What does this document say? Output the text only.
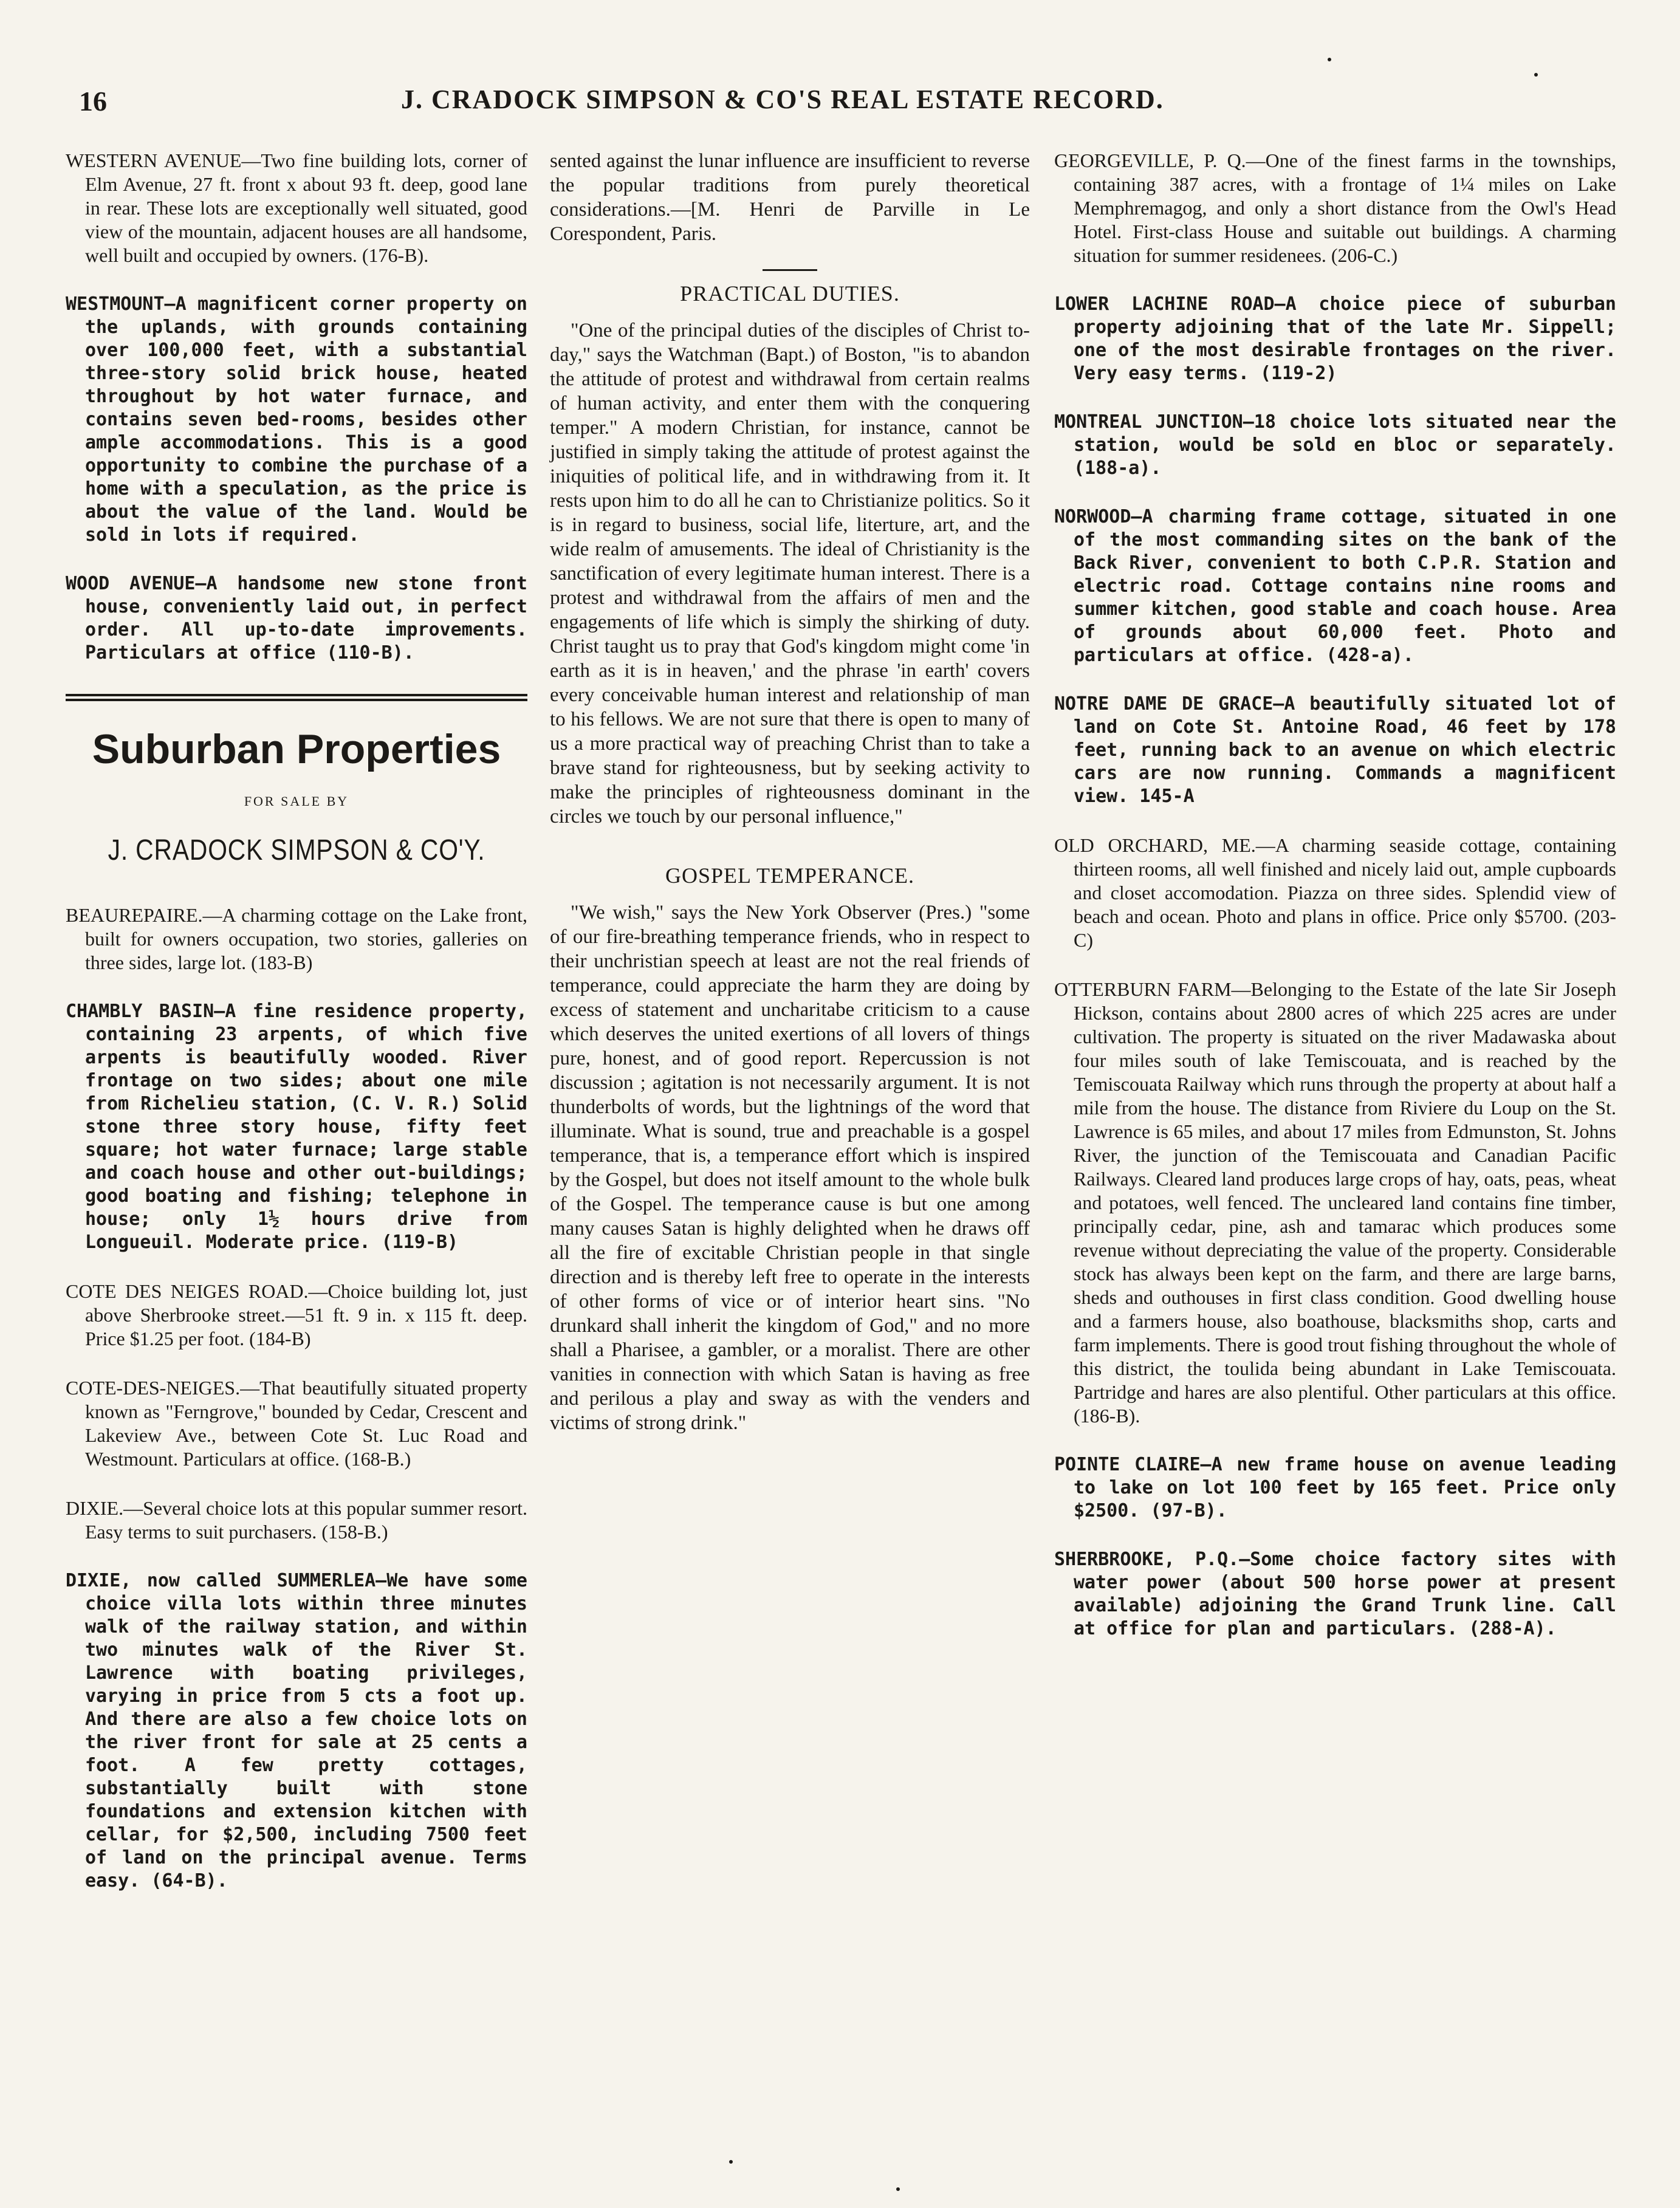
16	J. CRADOCK SIMPSON & CO'S REAL ESTATE RECORD.

WESTERN AVENUE—Two fine building lots, corner of Elm Avenue, 27 ft. front x about 93 ft. deep, good lane in rear. These lots are exceptionally well situated, good view of the mountain, adjacent houses are all handsome, well built and occupied by owners. (176-B).

WESTMOUNT—A magnificent corner property on the uplands, with grounds containing over 100,000 feet, with a substantial three-story solid brick house, heated throughout by hot water furnace, and contains seven bed-rooms, besides other ample accommodations. This is a good opportunity to combine the purchase of a home with a speculation, as the price is about the value of the land. Would be sold in lots if required.

WOOD AVENUE—A handsome new stone front house, conveniently laid out, in perfect order. All up-to-date improvements. Particulars at office (110-B).

Suburban Properties
FOR SALE BY
J. CRADOCK SIMPSON & CO'Y.

BEAUREPAIRE.—A charming cottage on the Lake front, built for owners occupation, two stories, galleries on three sides, large lot. (183-B)

CHAMBLY BASIN—A fine residence property, containing 23 arpents, of which five arpents is beautifully wooded. River frontage on two sides; about one mile from Richelieu station, (C. V. R.) Solid stone three story house, fifty feet square; hot water furnace; large stable and coach house and other out-buildings; good boating and fishing; telephone in house; only 1½ hours drive from Longueuil. Moderate price. (119-B)

COTE DES NEIGES ROAD.—Choice building lot, just above Sherbrooke street.—51 ft. 9 in. x 115 ft. deep. Price $1.25 per foot. (184-B)

COTE-DES-NEIGES.—That beautifully situated property known as "Ferngrove," bounded by Cedar, Crescent and Lakeview Ave., between Cote St. Luc Road and Westmount. Particulars at office. (168-B.)

DIXIE.—Several choice lots at this popular summer resort. Easy terms to suit purchasers. (158-B.)

DIXIE, now called SUMMERLEA—We have some choice villa lots within three minutes walk of the railway station, and within two minutes walk of the River St. Lawrence with boating privileges, varying in price from 5 cts a foot up. And there are also a few choice lots on the river front for sale at 25 cents a foot. A few pretty cottages, substantially built with stone foundations and extension kitchen with cellar, for $2,500, including 7500 feet of land on the principal avenue. Terms easy. (64-B).

sented against the lunar influence are insufficient to reverse the popular traditions from purely theoretical considerations.—[M. Henri de Parville in Le Corespondent, Paris.

PRACTICAL DUTIES.

"One of the principal duties of the disciples of Christ to-day," says the Watchman (Bapt.) of Boston, "is to abandon the attitude of protest and withdrawal from certain realms of human activity, and enter them with the conquering temper." A modern Christian, for instance, cannot be justified in simply taking the attitude of protest against the iniquities of political life, and in withdrawing from it. It rests upon him to do all he can to Christianize politics. So it is in regard to business, social life, literture, art, and the wide realm of amusements. The ideal of Christianity is the sanctification of every legitimate human interest. There is a protest and withdrawal from the affairs of men and the engagements of life which is simply the shirking of duty. Christ taught us to pray that God's kingdom might come 'in earth as it is in heaven,' and the phrase 'in earth' covers every conceivable human interest and relationship of man to his fellows. We are not sure that there is open to many of us a more practical way of preaching Christ than to take a brave stand for righteousness, but by seeking activity to make the principles of righteousness dominant in the circles we touch by our personal influence,"

GOSPEL TEMPERANCE.

"We wish," says the New York Observer (Pres.) "some of our fire-breathing temperance friends, who in respect to their unchristian speech at least are not the real friends of temperance, could appreciate the harm they are doing by excess of statement and uncharitabe criticism to a cause which deserves the united exertions of all lovers of things pure, honest, and of good report. Repercussion is not discussion ; agitation is not necessarily argument. It is not thunderbolts of words, but the lightnings of the word that illuminate. What is sound, true and preachable is a gospel temperance, that is, a temperance effort which is inspired by the Gospel, but does not itself amount to the whole bulk of the Gospel. The temperance cause is but one among many causes Satan is highly delighted when he draws off all the fire of excitable Christian people in that single direction and is thereby left free to operate in the interests of other forms of vice or of interior heart sins. "No drunkard shall inherit the kingdom of God," and no more shall a Pharisee, a gambler, or a moralist. There are other vanities in connection with which Satan is having as free and perilous a play and sway as with the venders and victims of strong drink."

GEORGEVILLE, P. Q.—One of the finest farms in the townships, containing 387 acres, with a frontage of 1¼ miles on Lake Memphremagog, and only a short distance from the Owl's Head Hotel. First-class House and suitable out buildings. A charming situation for summer residenees. (206-C.)

LOWER LACHINE ROAD—A choice piece of suburban property adjoining that of the late Mr. Sippell; one of the most desirable frontages on the river. Very easy terms. (119-2)

MONTREAL JUNCTION—18 choice lots situated near the station, would be sold en bloc or separately. (188-a).

NORWOOD—A charming frame cottage, situated in one of the most commanding sites on the bank of the Back River, convenient to both C.P.R. Station and electric road. Cottage contains nine rooms and summer kitchen, good stable and coach house. Area of grounds about 60,000 feet. Photo and particulars at office. (428-a).

NOTRE DAME DE GRACE—A beautifully situated lot of land on Cote St. Antoine Road, 46 feet by 178 feet, running back to an avenue on which electric cars are now running. Commands a magnificent view. 145-A

OLD ORCHARD, ME.—A charming seaside cottage, containing thirteen rooms, all well finished and nicely laid out, ample cupboards and closet accomodation. Piazza on three sides. Splendid view of beach and ocean. Photo and plans in office. Price only $5700. (203-C)

OTTERBURN FARM—Belonging to the Estate of the late Sir Joseph Hickson, contains about 2800 acres of which 225 acres are under cultivation. The property is situated on the river Madawaska about four miles south of lake Temiscouata, and is reached by the Temiscouata Railway which runs through the property at about half a mile from the house. The distance from Riviere du Loup on the St. Lawrence is 65 miles, and about 17 miles from Edmunston, St. Johns River, the junction of the Temiscouata and Canadian Pacific Railways. Cleared land produces large crops of hay, oats, peas, wheat and potatoes, well fenced. The uncleared land contains fine timber, principally cedar, pine, ash and tamarac which produces some revenue without depreciating the value of the property. Considerable stock has always been kept on the farm, and there are large barns, sheds and outhouses in first class condition. Good dwelling house and a farmers house, also boathouse, blacksmiths shop, carts and farm implements. There is good trout fishing throughout the whole of this district, the toulida being abundant in Lake Temiscouata. Partridge and hares are also plentiful. Other particulars at this office. (186-B).

POINTE CLAIRE—A new frame house on avenue leading to lake on lot 100 feet by 165 feet. Price only $2500. (97-B).

SHERBROOKE, P.Q.—Some choice factory sites with water power (about 500 horse power at present available) adjoining the Grand Trunk line. Call at office for plan and particulars. (288-A).
